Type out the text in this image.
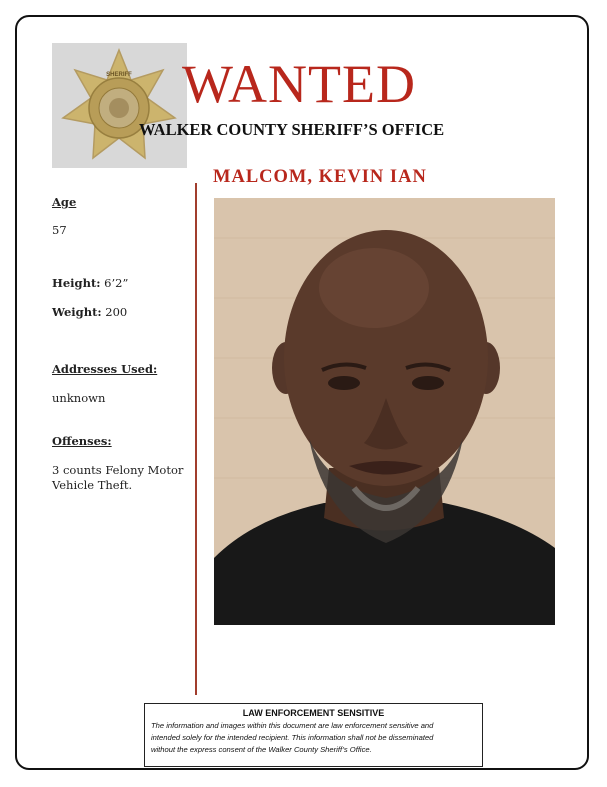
SHERIFF WANTED
WALKER COUNTY SHERIFF’S OFFICE
MALCOM, KEVIN IAN
Age
57
Height: 6’2”
Weight: 200
Addresses Used:
unknown
Offenses:
3 counts Felony Motor
Vehicle Theft.
LAW ENFORCEMENT SENSITIVE
The information and images within this document are law enforcement sensitive and
intended solely for the intended recipient. This information shall not be disseminated
without the express consent of the Walker County Sheriff’s Office.
